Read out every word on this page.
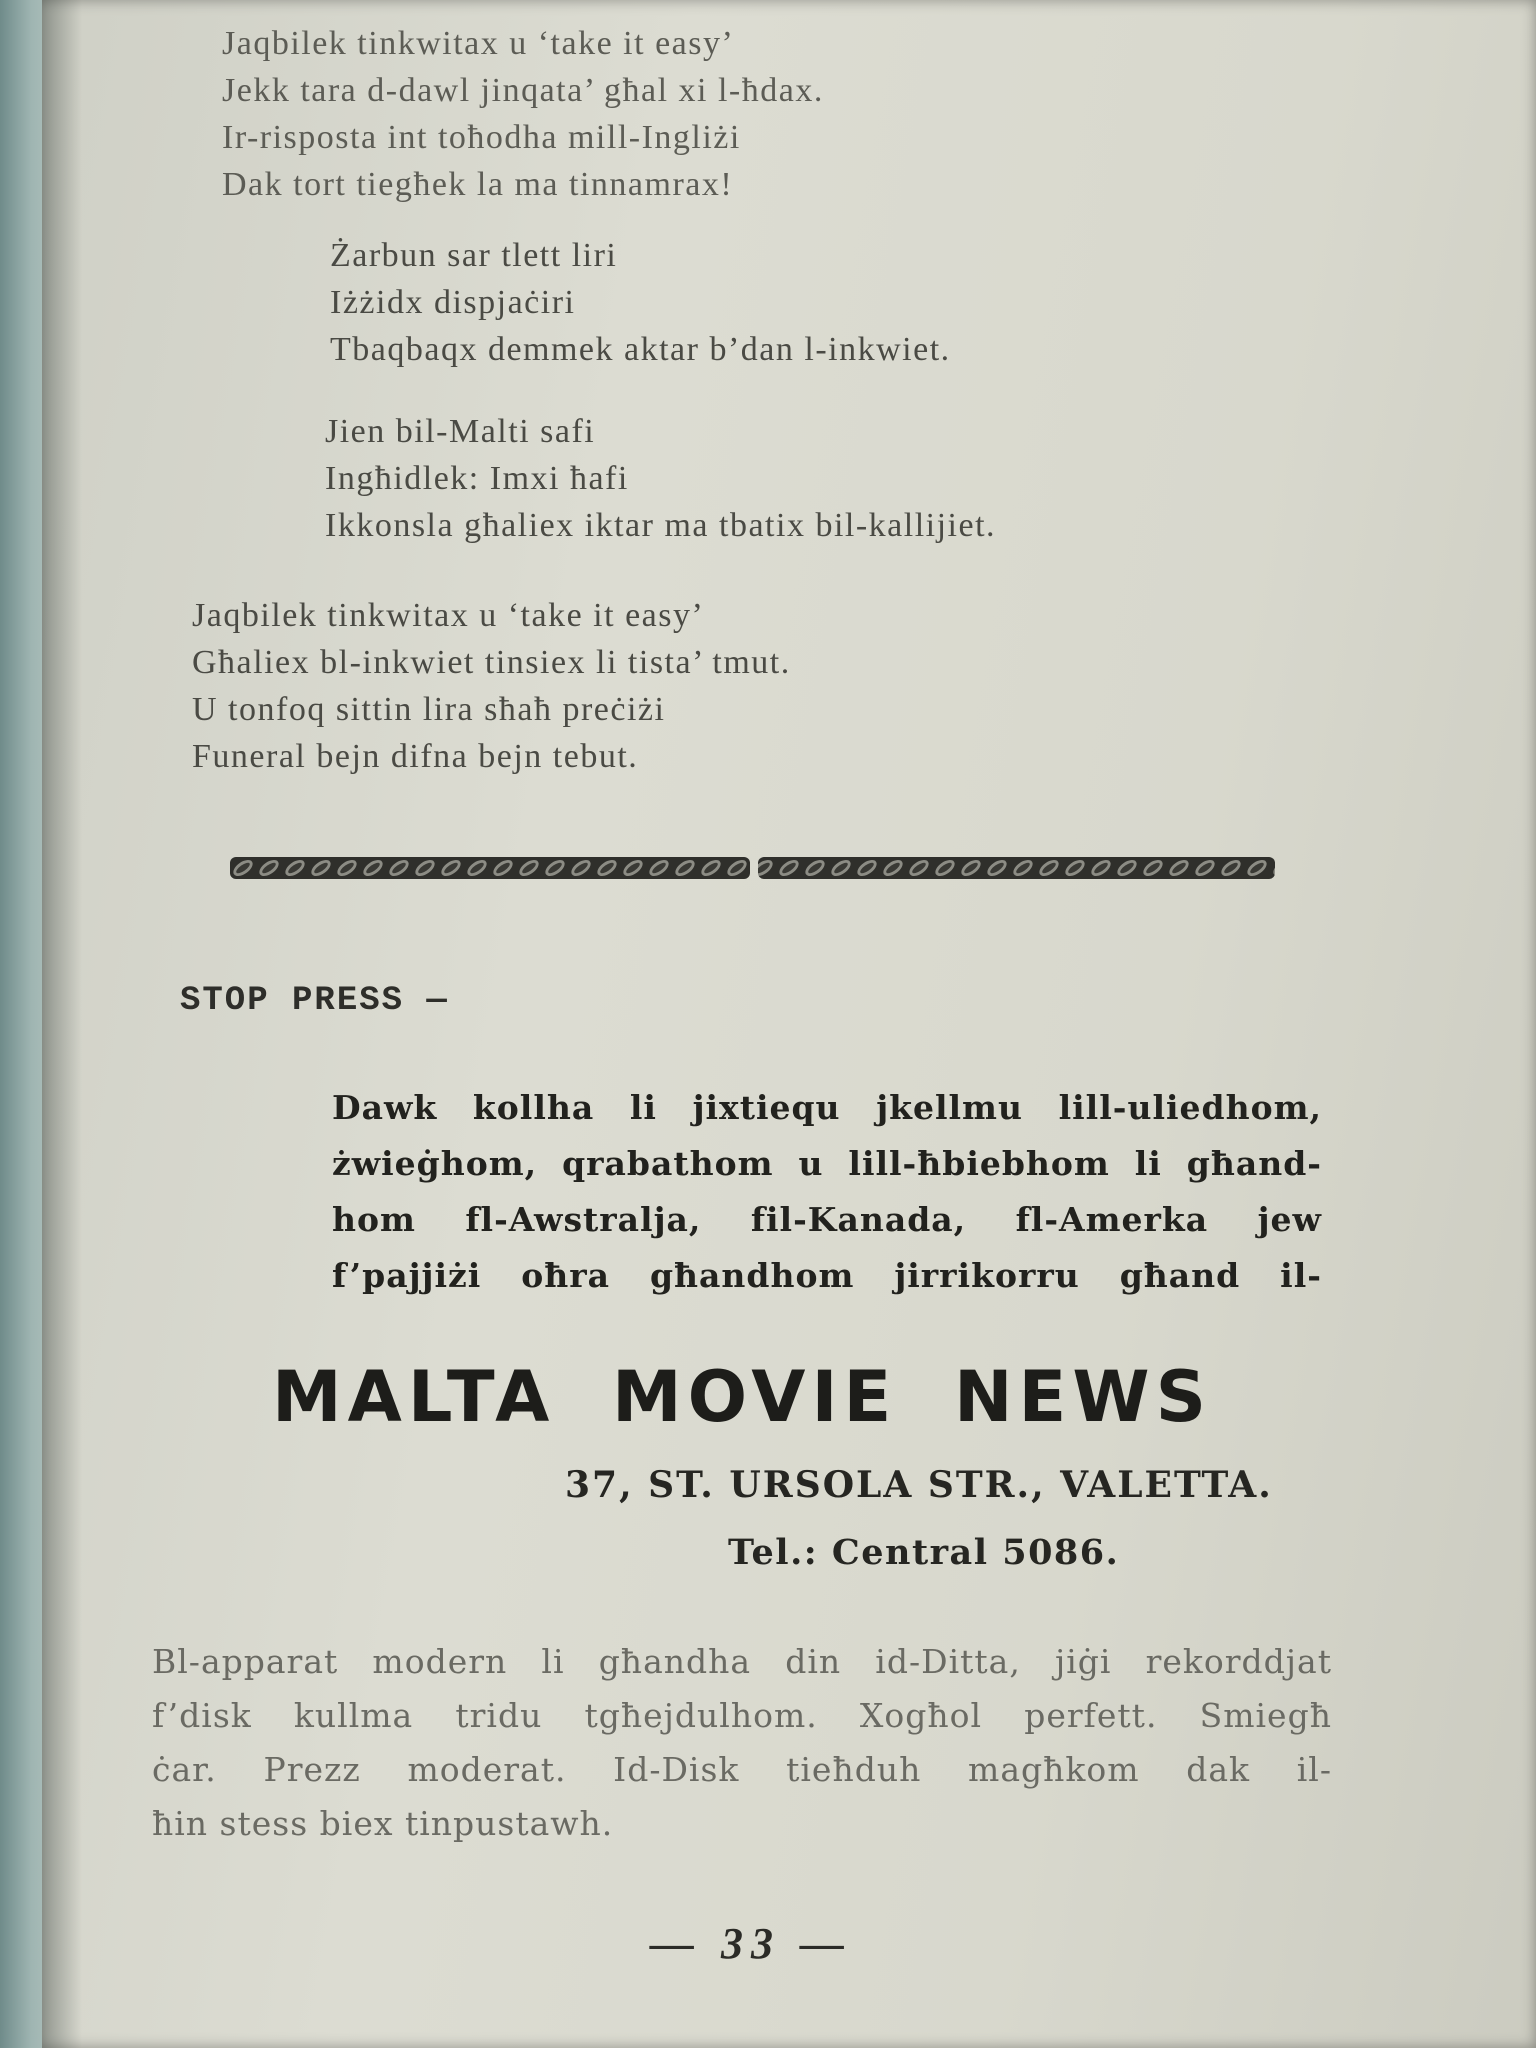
Jaqbilek tinkwitax u ‘take it easy’
Jekk tara d-dawl jinqata’ għal xi l-ħdax.
Ir-risposta int toħodha mill-Ingliżi
Dak tort tiegħek la ma tinnamrax!
Żarbun sar tlett liri
Iżżidx dispjaċiri
Tbaqbaqx demmek aktar b’dan l-inkwiet.
Jien bil-Malti safi
Ingħidlek: Imxi ħafi
Ikkonsla għaliex iktar ma tbatix bil-kallijiet.
Jaqbilek tinkwitax u ‘take it easy’
Għaliex bl-inkwiet tinsiex li tista’ tmut.
U tonfoq sittin lira sħaħ preċiżi
Funeral bejn difna bejn tebut.
STOP PRESS —
Dawk kollha li jixtiequ jkellmu lill-uliedhom,
żwieġhom, qrabathom u lill-ħbiebhom li għand-
hom fl-Awstralja, fil-Kanada, fl-Amerka jew
f’pajjiżi oħra għandhom jirrikorru għand il-
MALTA MOVIE NEWS
37, ST. URSOLA STR., VALETTA.
Tel.: Central 5086.
Bl-apparat modern li għandha din id-Ditta, jiġi rekorddjat
f’disk kullma tridu tgħejdulhom. Xogħol perfett. Smiegħ
ċar. Prezz moderat. Id-Disk tieħduh magħkom dak il-
ħin stess biex tinpustawh.
— 33 —
